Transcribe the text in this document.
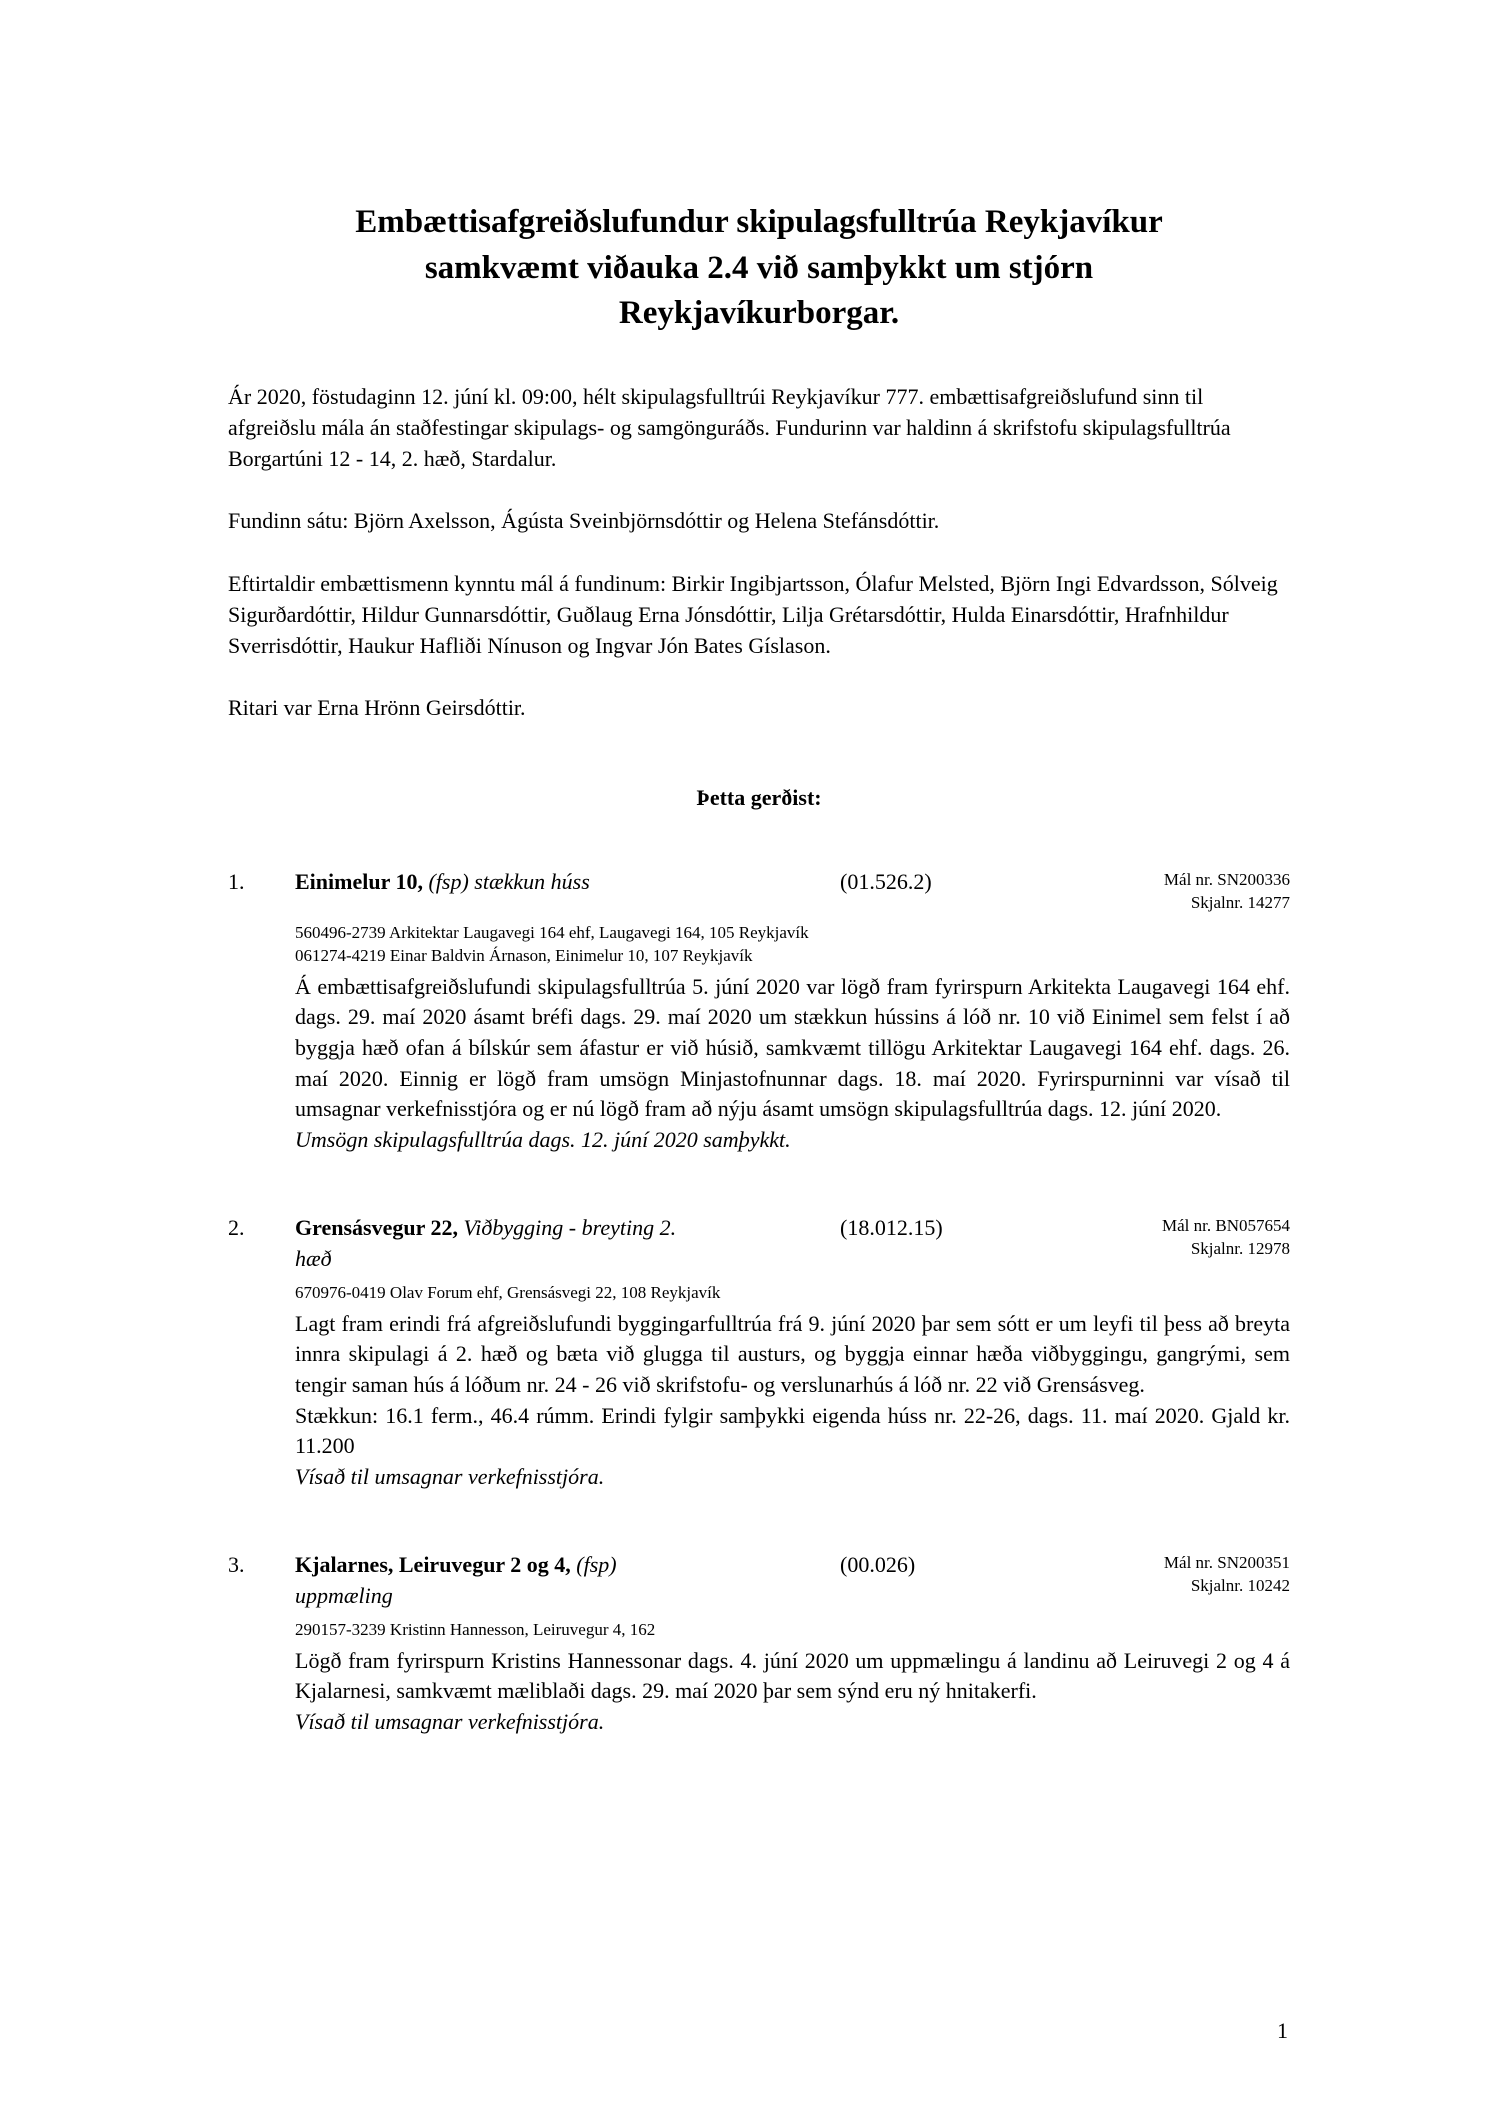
Embættisafgreiðslufundur skipulagsfulltrúa Reykjavíkur
samkvæmt viðauka 2.4 við samþykkt um stjórn
Reykjavíkurborgar.

Ár 2020, föstudaginn 12. júní kl. 09:00, hélt skipulagsfulltrúi Reykjavíkur 777. embættisafgreiðslufund sinn til afgreiðslu mála án staðfestingar skipulags- og samgönguráðs. Fundurinn var haldinn á skrifstofu skipulagsfulltrúa Borgartúni 12 - 14, 2. hæð, Stardalur.

Fundinn sátu: Björn Axelsson, Ágústa Sveinbjörnsdóttir og Helena Stefánsdóttir.

Eftirtaldir embættismenn kynntu mál á fundinum: Birkir Ingibjartsson, Ólafur Melsted, Björn Ingi Edvardsson, Sólveig Sigurðardóttir, Hildur Gunnarsdóttir, Guðlaug Erna Jónsdóttir, Lilja Grétarsdóttir, Hulda Einarsdóttir, Hrafnhildur Sverrisdóttir, Haukur Hafliði Nínuson og Ingvar Jón Bates Gíslason.

Ritari var Erna Hrönn Geirsdóttir.

Þetta gerðist:
1.	Einimelur 10, (fsp) stækkun húss	(01.526.2)	Mál nr. SN200336
Skjalnr. 14277
560496-2739 Arkitektar Laugavegi 164 ehf, Laugavegi 164, 105 Reykjavík
061274-4219 Einar Baldvin Árnason, Einimelur 10, 107 Reykjavík

Á embættisafgreiðslufundi skipulagsfulltrúa 5. júní 2020 var lögð fram fyrirspurn Arkitekta Laugavegi 164 ehf. dags. 29. maí 2020 ásamt bréfi dags. 29. maí 2020 um stækkun hússins á lóð nr. 10 við Einimel sem felst í að byggja hæð ofan á bílskúr sem áfastur er við húsið, samkvæmt tillögu Arkitektar Laugavegi 164 ehf. dags. 26. maí 2020. Einnig er lögð fram umsögn Minjastofnunnar dags. 18. maí 2020. Fyrirspurninni var vísað til umsagnar verkefnisstjóra og er nú lögð fram að nýju ásamt umsögn skipulagsfulltrúa dags. 12. júní 2020.

Umsögn skipulagsfulltrúa dags. 12. júní 2020 samþykkt.

2.	Grensásvegur 22, Viðbygging - breyting 2.
hæð
(18.012.15)	Mál nr. BN057654
Skjalnr. 12978
670976-0419 Olav Forum ehf, Grensásvegi 22, 108 Reykjavík

Lagt fram erindi frá afgreiðslufundi byggingarfulltrúa frá 9. júní 2020 þar sem sótt er um leyfi til þess að breyta innra skipulagi á 2. hæð og bæta við glugga til austurs, og byggja einnar hæða viðbyggingu, gangrými, sem tengir saman hús á lóðum nr. 24 - 26 við skrifstofu- og verslunarhús á lóð nr. 22 við Grensásveg.

Stækkun: 16.1 ferm., 46.4 rúmm. Erindi fylgir samþykki eigenda húss nr. 22-26, dags. 11. maí 2020. Gjald kr. 11.200

Vísað til umsagnar verkefnisstjóra.

3.	Kjalarnes, Leiruvegur 2 og 4, (fsp)
uppmæling
(00.026)	Mál nr. SN200351
Skjalnr. 10242
290157-3239 Kristinn Hannesson, Leiruvegur 4, 162

Lögð fram fyrirspurn Kristins Hannessonar dags. 4. júní 2020 um uppmælingu á landinu að Leiruvegi 2 og 4 á Kjalarnesi, samkvæmt mæliblaði dags. 29. maí 2020 þar sem sýnd eru ný hnitakerfi.

Vísað til umsagnar verkefnisstjóra.

1
